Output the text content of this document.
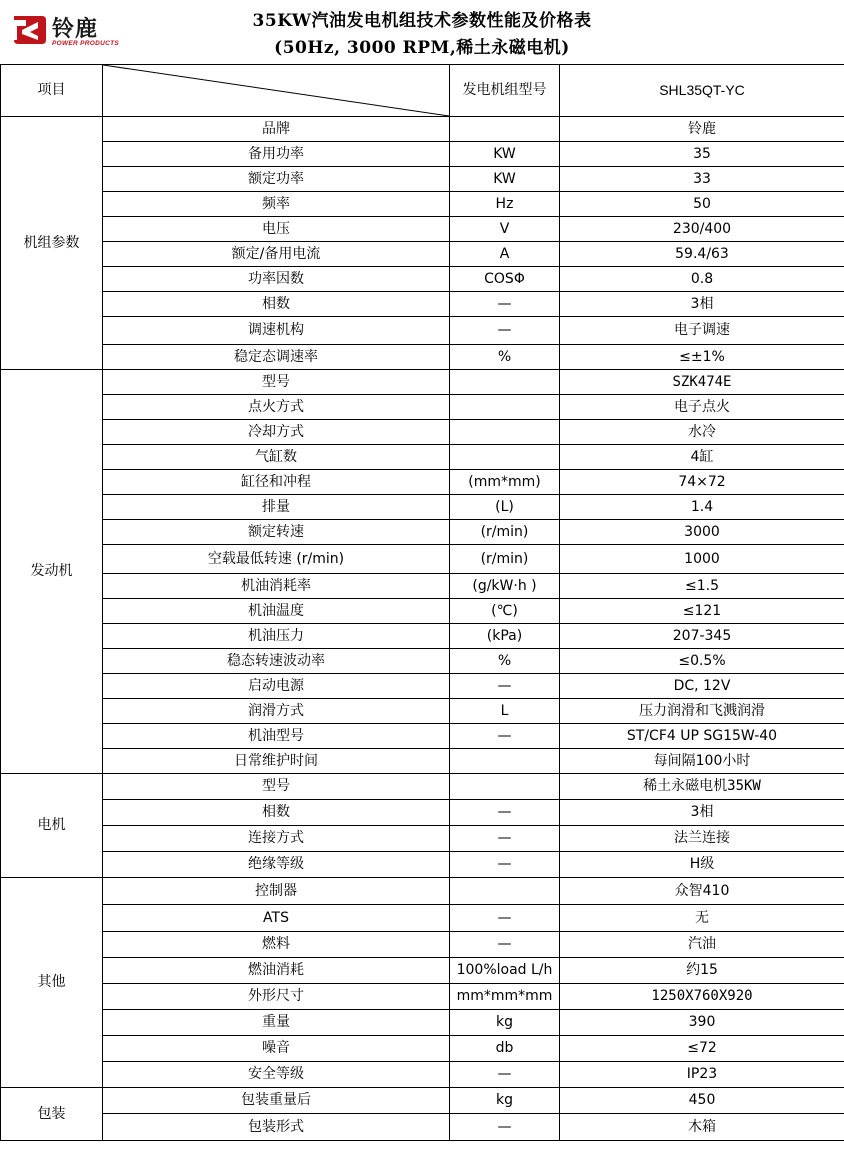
铃鹿
POWER PRODUCTS
35KW汽油发电机组技术参数性能及价格表
(50Hz, 3000 RPM,稀土永磁电机)
项目		发电机组型号	SHL35QT-YC
机组参数	品牌		铃鹿
	备用功率	KW	35
	额定功率	KW	33
	频率	Hz	50
	电压	V	230/400
	额定/备用电流	A	59.4/63
	功率因数	COSΦ	0.8
	相数	—	3相
	调速机构	—	电子调速
	稳定态调速率	%	≤±1%
发动机	型号		SZK474E
	点火方式		电子点火
	冷却方式		水冷
	气缸数		4缸
	缸径和冲程	(mm*mm)	74×72
	排量	(L)	1.4
	额定转速	(r/min)	3000
	空载最低转速 (r/min)	(r/min)	1000
	机油消耗率	(g/kW·h )	≤1.5
	机油温度	(℃)	≤121
	机油压力	(kPa)	207-345
	稳态转速波动率	%	≤0.5%
	启动电源	—	DC, 12V
	润滑方式	L	压力润滑和飞溅润滑
	机油型号	—	ST/CF4 UP SG15W-40
	日常维护时间		每间隔100小时
电机	型号		稀土永磁电机35KW
	相数	—	3相
	连接方式	—	法兰连接
	绝缘等级	—	H级
其他	控制器		众智410
	ATS	—	无
	燃料	—	汽油
	燃油消耗	100%load L/h	约15
	外形尺寸	mm*mm*mm	1250X760X920
	重量	kg	390
	噪音	db	≤72
	安全等级	—	IP23
包装	包装重量后	kg	450
	包装形式	—	木箱
